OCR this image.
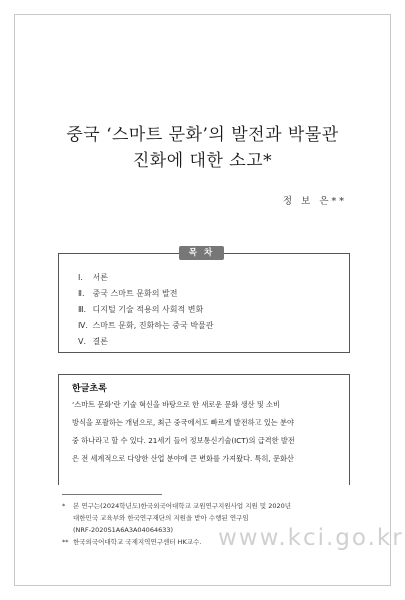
중국 ‘스마트 문화’의 발전과 박물관
진화에 대한 소고*
정 보 은**
목 차
Ⅰ. 서론
Ⅱ. 중국 스마트 문화의 발전
Ⅲ. 디지털 기술 적용의 사회적 변화
Ⅳ. 스마트 문화, 진화하는 중국 박물관
Ⅴ. 결론
한글초록
‘스마트 문화’란 기술 혁신을 바탕으로 한 새로운 문화 생산 및 소비
방식을 포괄하는 개념으로, 최근 중국에서도 빠르게 발전하고 있는 분야
중 하나라고 할 수 있다. 21세기 들어 정보통신기술(ICT)의 급격한 발전
은 전 세계적으로 다양한 산업 분야에 큰 변화를 가져왔다. 특히, 문화산
* 본 연구는(2024학년도)한국외국어대학교 교원연구지원사업 지원 및 2020년
대한민국 교육부와 한국연구재단의 지원을 받아 수행된 연구임
(NRF-2020S1A6A3A04064633)
** 한국외국어대학교 국제지역연구센터 HK교수. www.kci.go.kr
